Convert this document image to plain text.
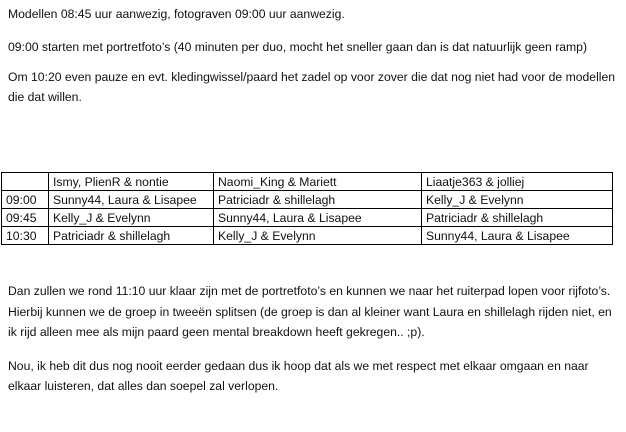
Modellen 08:45 uur aanwezig, fotograven 09:00 uur aanwezig.

09:00 starten met portretfoto’s (40 minuten per duo, mocht het sneller gaan dan is dat natuurlijk geen ramp)

Om 10:20 even pauze en evt. kledingwissel/paard het zadel op voor zover die dat nog niet had voor de modellen die dat willen.

	Ismy, PlienR & nontie	Naomi_King & Mariett	Liaatje363 & jolliej
09:00	Sunny44, Laura & Lisapee	Patriciadr & shillelagh	Kelly_J & Evelynn
09:45	Kelly_J & Evelynn	Sunny44, Laura & Lisapee	Patriciadr & shillelagh
10:30	Patriciadr & shillelagh	Kelly_J & Evelynn	Sunny44, Laura & Lisapee

Dan zullen we rond 11:10 uur klaar zijn met de portretfoto’s en kunnen we naar het ruiterpad lopen voor rijfoto’s. Hierbij kunnen we de groep in tweeën splitsen (de groep is dan al kleiner want Laura en shillelagh rijden niet, en ik rijd alleen mee als mijn paard geen mental breakdown heeft gekregen.. ;p).

Nou, ik heb dit dus nog nooit eerder gedaan dus ik hoop dat als we met respect met elkaar omgaan en naar elkaar luisteren, dat alles dan soepel zal verlopen.
